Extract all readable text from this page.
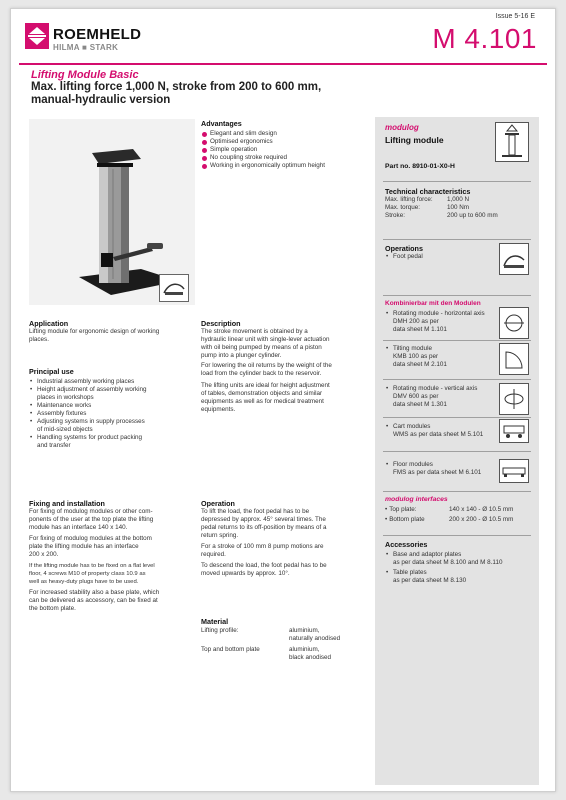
ROEMHELD
HILMA ■ STARK
Issue 5-16 E
M 4.101
Lifting Module Basic
Max. lifting force 1,000 N, stroke from 200 to 600 mm,
manual-hydraulic version
Advantages
Elegant and slim design
Optimised ergonomics
Simple operation
No coupling stroke required
Working in ergonomically optimum height
Application
Lifting module for ergonomic design of working
places.
Principal use
• Industrial assembly working places
• Height adjustment of assembly working
places in workshops
• Maintenance works
• Assembly fixtures
• Adjusting systems in supply processes
of mid-sized objects
• Handling systems for product packing
and transfer
Description
The stroke movement is obtained by a
hydraulic linear unit with single-lever actuation
with oil being pumped by means of a piston
pump into a plunger cylinder.
For lowering the oil returns by the weight of the
load from the cylinder back to the reservoir.
The lifting units are ideal for height adjustment
of tables, demonstration objects and similar
equipments as well as for medical treatment
equipments.
Fixing and installation
For fixing of modulog modules or other com-
ponents of the user at the top plate the lifting
module has an interface 140 x 140.
For fixing of modulog modules at the bottom
plate the lifting module has an interface
200 x 200.
If the lifting module has to be fixed on a flat level
floor, 4 screws M10 of property class 10.9 as
well as heavy-duty plugs have to be used.
For increased stability also a base plate, which
can be delivered as accessory, can be fixed at
the bottom plate.
Operation
To lift the load, the foot pedal has to be
depressed by approx. 45° several times. The
pedal returns to its off-position by means of a
return spring.
For a stroke of 100 mm 8 pump motions are
required.
To descend the load, the foot pedal has to be
moved upwards by approx. 10°.
Material
Lifting profile:	aluminium,
naturally anodised

Top and bottom plate	aluminium,
black anodised
modulog
Lifting module
Part no. 8910-01-X0-H
Technical characteristics
Max. lifting force:	1,000 N
Max. torque:	100 Nm
Stroke:	200 up to 600 mm
Operations
• Foot pedal
Kombinierbar mit den Modulen
• Rotating module - horizontal axis
DMH 200 as per
data sheet M 1.101
• Tilting module
KMB 100 as per
data sheet M 2.101
• Rotating module - vertical axis
DMV 600 as per
data sheet M 1.301
• Cart modules
WMS as per data sheet M 5.101
• Floor modules
FMS as per data sheet M 6.101
modulog interfaces
• Top plate:	140 x 140 - Ø 10.5 mm
• Bottom plate	200 x 200 - Ø 10.5 mm
Accessories
• Base and adaptor plates
as per data sheet M 8.100 and M 8.110
• Table plates
as per data sheet M 8.130
